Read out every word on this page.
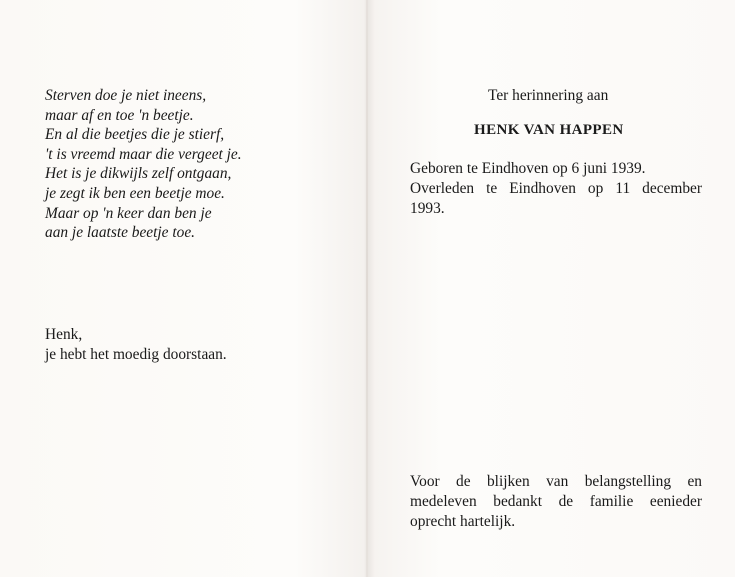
Sterven doe je niet ineens,
maar af en toe 'n beetje.
En al die beetjes die je stierf,
't is vreemd maar die vergeet je.
Het is je dikwijls zelf ontgaan,
je zegt ik ben een beetje moe.
Maar op 'n keer dan ben je
aan je laatste beetje toe.
Henk,
je hebt het moedig doorstaan.
Ter herinnering aan
HENK VAN HAPPEN
Geboren te Eindhoven op 6 juni 1939.
Overleden te Eindhoven op 11 december
1993.
Voor de blijken van belangstelling en
medeleven bedankt de familie eenieder
oprecht hartelijk.
